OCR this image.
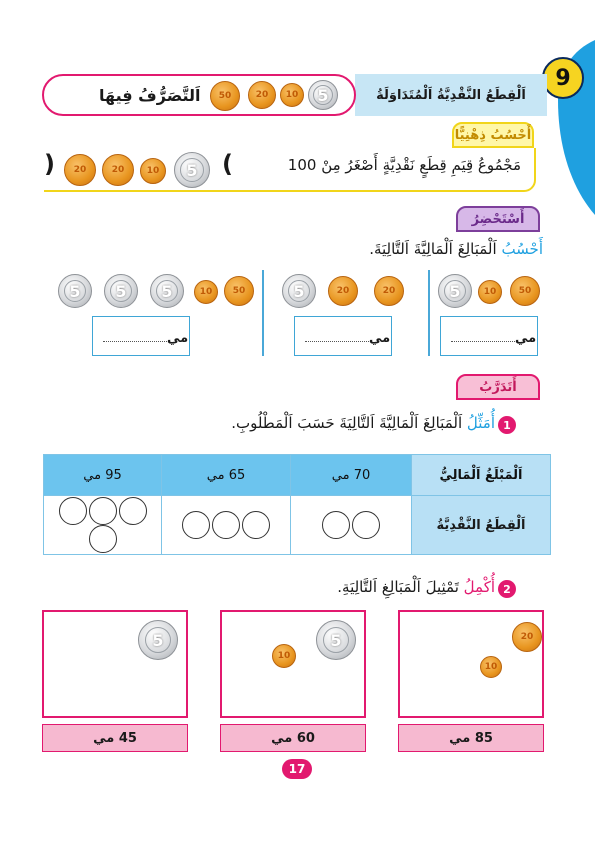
9
اَلْقِطَعُ النَّقْدِيَّةُ اَلْمُتَدَاوَلَةُ
اَلتَّصَرُّفُ فِيهَا	5
10
20
50
أَحْسُبُ ذِهْنِيًّا
مَجْمُوعُ قِيَمِ قِطَعٍ نَقْدِيَّةٍ أَصْغَرُ مِنْ 100
(
5
10
20
20
)
أَسْتَحْضِرُ
أَحْسُبُ اَلْمَبَالِغَ اَلْمَالِيَّةَ اَلتَّالِيَةَ.
50
10
5
مي
20
20
5
مي
50
10
5
5
5
مي
أَتَدَرَّبُ
1
أُمَثِّلُ اَلْمَبَالِغَ اَلْمَالِيَّةَ اَلتَّالِيَةَ حَسَبَ اَلْمَطْلُوبِ.
اَلْمَبْلَغُ اَلْمَالِيُّ	70 مي	65 مي	95 مي
اَلْقِطَعُ النَّقْدِيَّةُ			
2
أُكْمِلُ تَمْثِيلَ اَلْمَبَالِغِ اَلتَّالِيَةِ.
20
10
85 مي
5
10
60 مي
5
45 مي
17
